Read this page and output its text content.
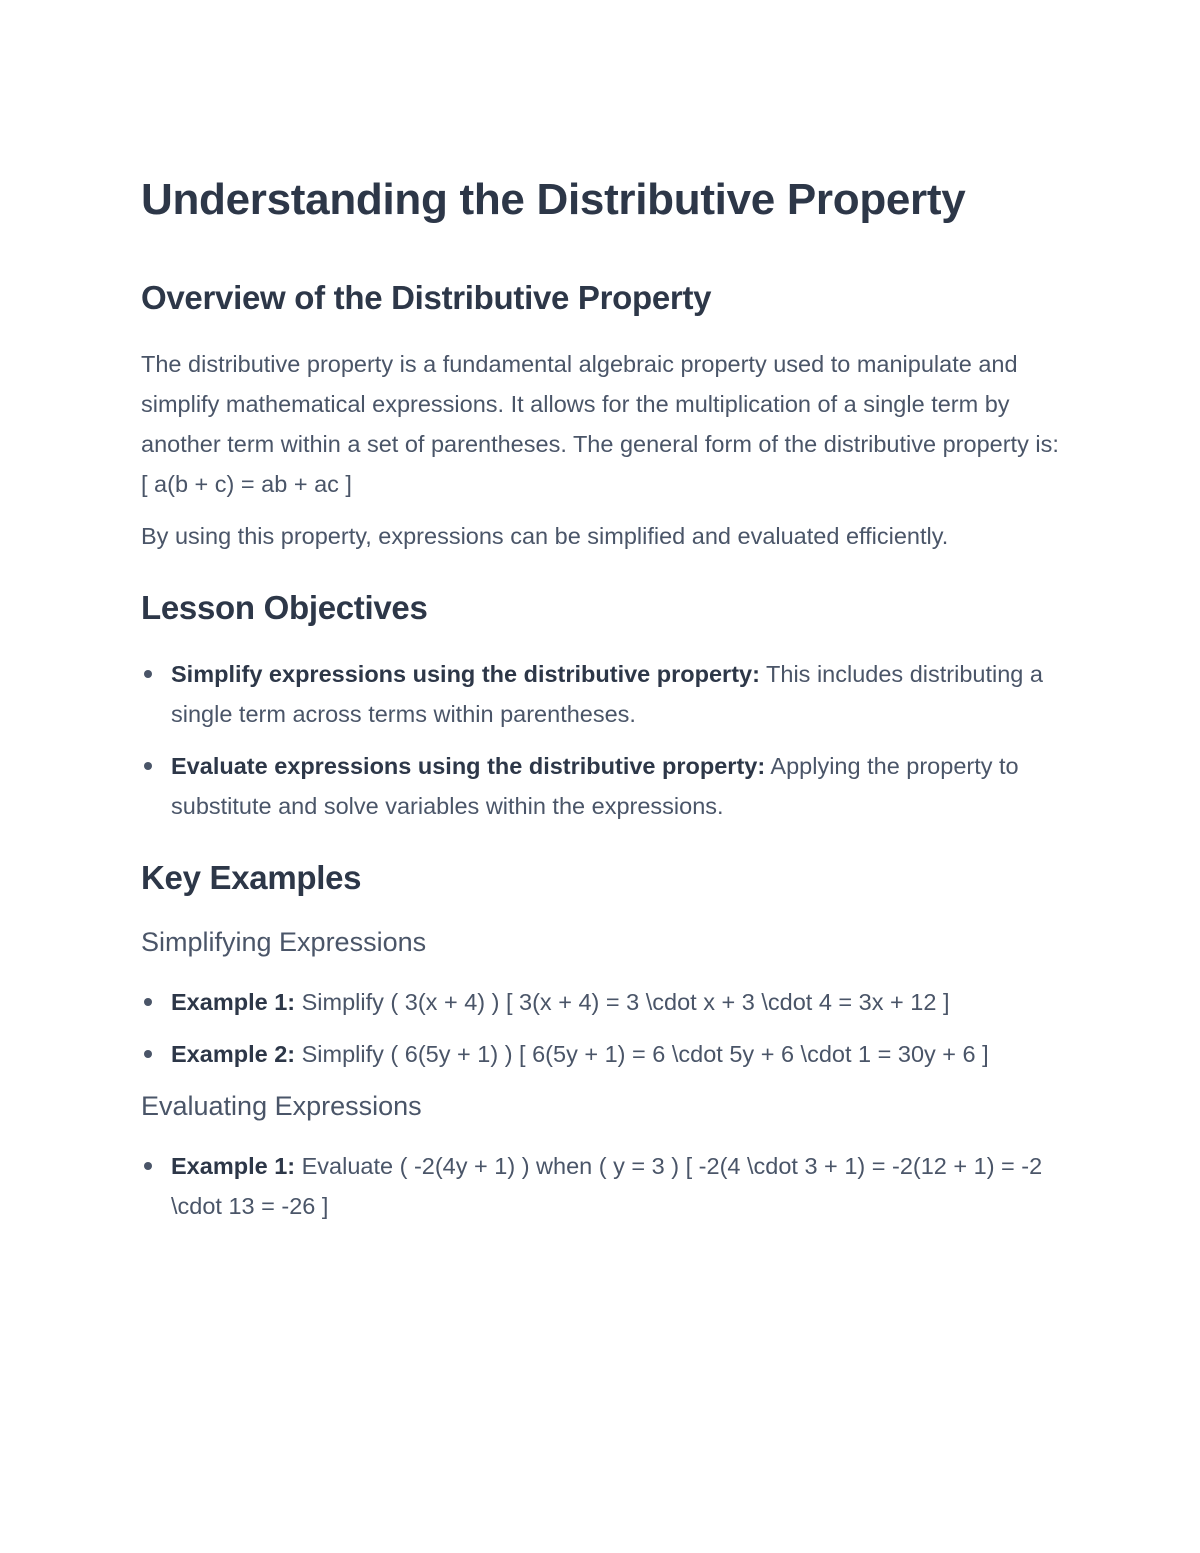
Understanding the Distributive Property
Overview of the Distributive Property

The distributive property is a fundamental algebraic property used to manipulate and simplify mathematical expressions. It allows for the multiplication of a single term by another term within a set of parentheses. The general form of the distributive property is: [ a(b + c) = ab + ac ]

By using this property, expressions can be simplified and evaluated efficiently.

Lesson Objectives
Simplify expressions using the distributive property: This includes distributing a single term across terms within parentheses.
Evaluate expressions using the distributive property: Applying the property to substitute and solve variables within the expressions.
Key Examples
Simplifying Expressions
Example 1: Simplify ( 3(x + 4) ) [ 3(x + 4) = 3 \cdot x + 3 \cdot 4 = 3x + 12 ]
Example 2: Simplify ( 6(5y + 1) ) [ 6(5y + 1) = 6 \cdot 5y + 6 \cdot 1 = 30y + 6 ]
Evaluating Expressions
Example 1: Evaluate ( -2(4y + 1) ) when ( y = 3 ) [ -2(4 \cdot 3 + 1) = -2(12 + 1) = -2 \cdot 13 = -26 ]
